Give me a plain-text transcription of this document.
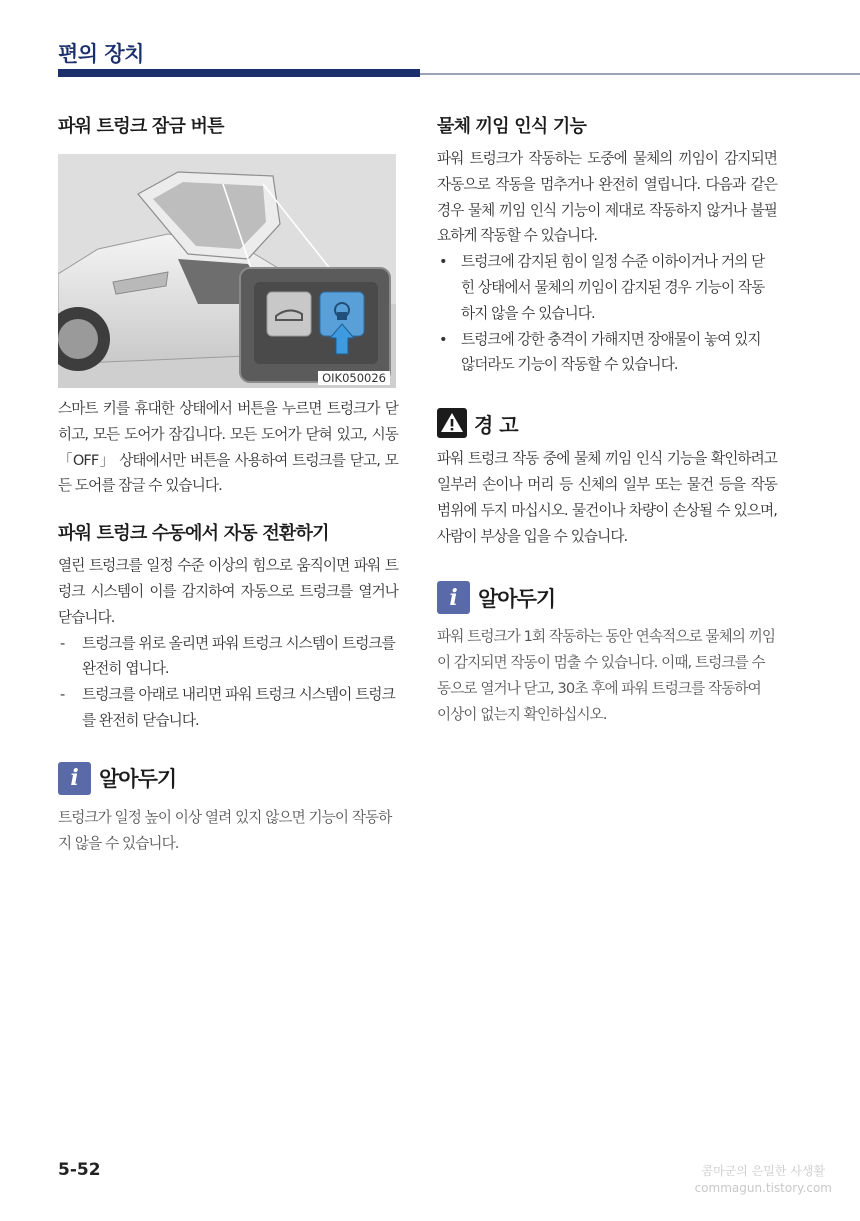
편의 장치
파워 트렁크 잠금 버튼
OIK050026

스마트 키를 휴대한 상태에서 버튼을 누르면 트렁크가 닫히고, 모든 도어가 잠깁니다. 모든 도어가 닫혀 있고, 시동 「OFF」 상태에서만 버튼을 사용하여 트렁크를 닫고, 모든 도어를 잠글 수 있습니다.

파워 트렁크 수동에서 자동 전환하기

열린 트렁크를 일정 수준 이상의 힘으로 움직이면 파워 트렁크 시스템이 이를 감지하여 자동으로 트렁크를 열거나 닫습니다.

- 트렁크를 위로 올리면 파워 트렁크 시스템이 트렁크를 완전히 엽니다.
- 트렁크를 아래로 내리면 파워 트렁크 시스템이 트렁크를 완전히 닫습니다.
i 알아두기

트렁크가 일정 높이 이상 열려 있지 않으면 기능이 작동하지 않을 수 있습니다.

물체 끼임 인식 기능

파워 트렁크가 작동하는 도중에 물체의 끼임이 감지되면 자동으로 작동을 멈추거나 완전히 열립니다. 다음과 같은 경우 물체 끼임 인식 기능이 제대로 작동하지 않거나 불필요하게 작동할 수 있습니다.

• 트렁크에 감지된 힘이 일정 수준 이하이거나 거의 닫힌 상태에서 물체의 끼임이 감지된 경우 기능이 작동하지 않을 수 있습니다.
• 트렁크에 강한 충격이 가해지면 장애물이 놓여 있지 않더라도 기능이 작동할 수 있습니다.
경 고

파워 트렁크 작동 중에 물체 끼임 인식 기능을 확인하려고 일부러 손이나 머리 등 신체의 일부 또는 물건 등을 작동 범위에 두지 마십시오. 물건이나 차량이 손상될 수 있으며, 사람이 부상을 입을 수 있습니다.

i 알아두기

파워 트렁크가 1회 작동하는 동안 연속적으로 물체의 끼임이 감지되면 작동이 멈출 수 있습니다. 이때, 트렁크를 수동으로 열거나 닫고, 30초 후에 파워 트렁크를 작동하여 이상이 없는지 확인하십시오.

5-52	콤마군의 은밀한 사생활
commagun.tistory.com
